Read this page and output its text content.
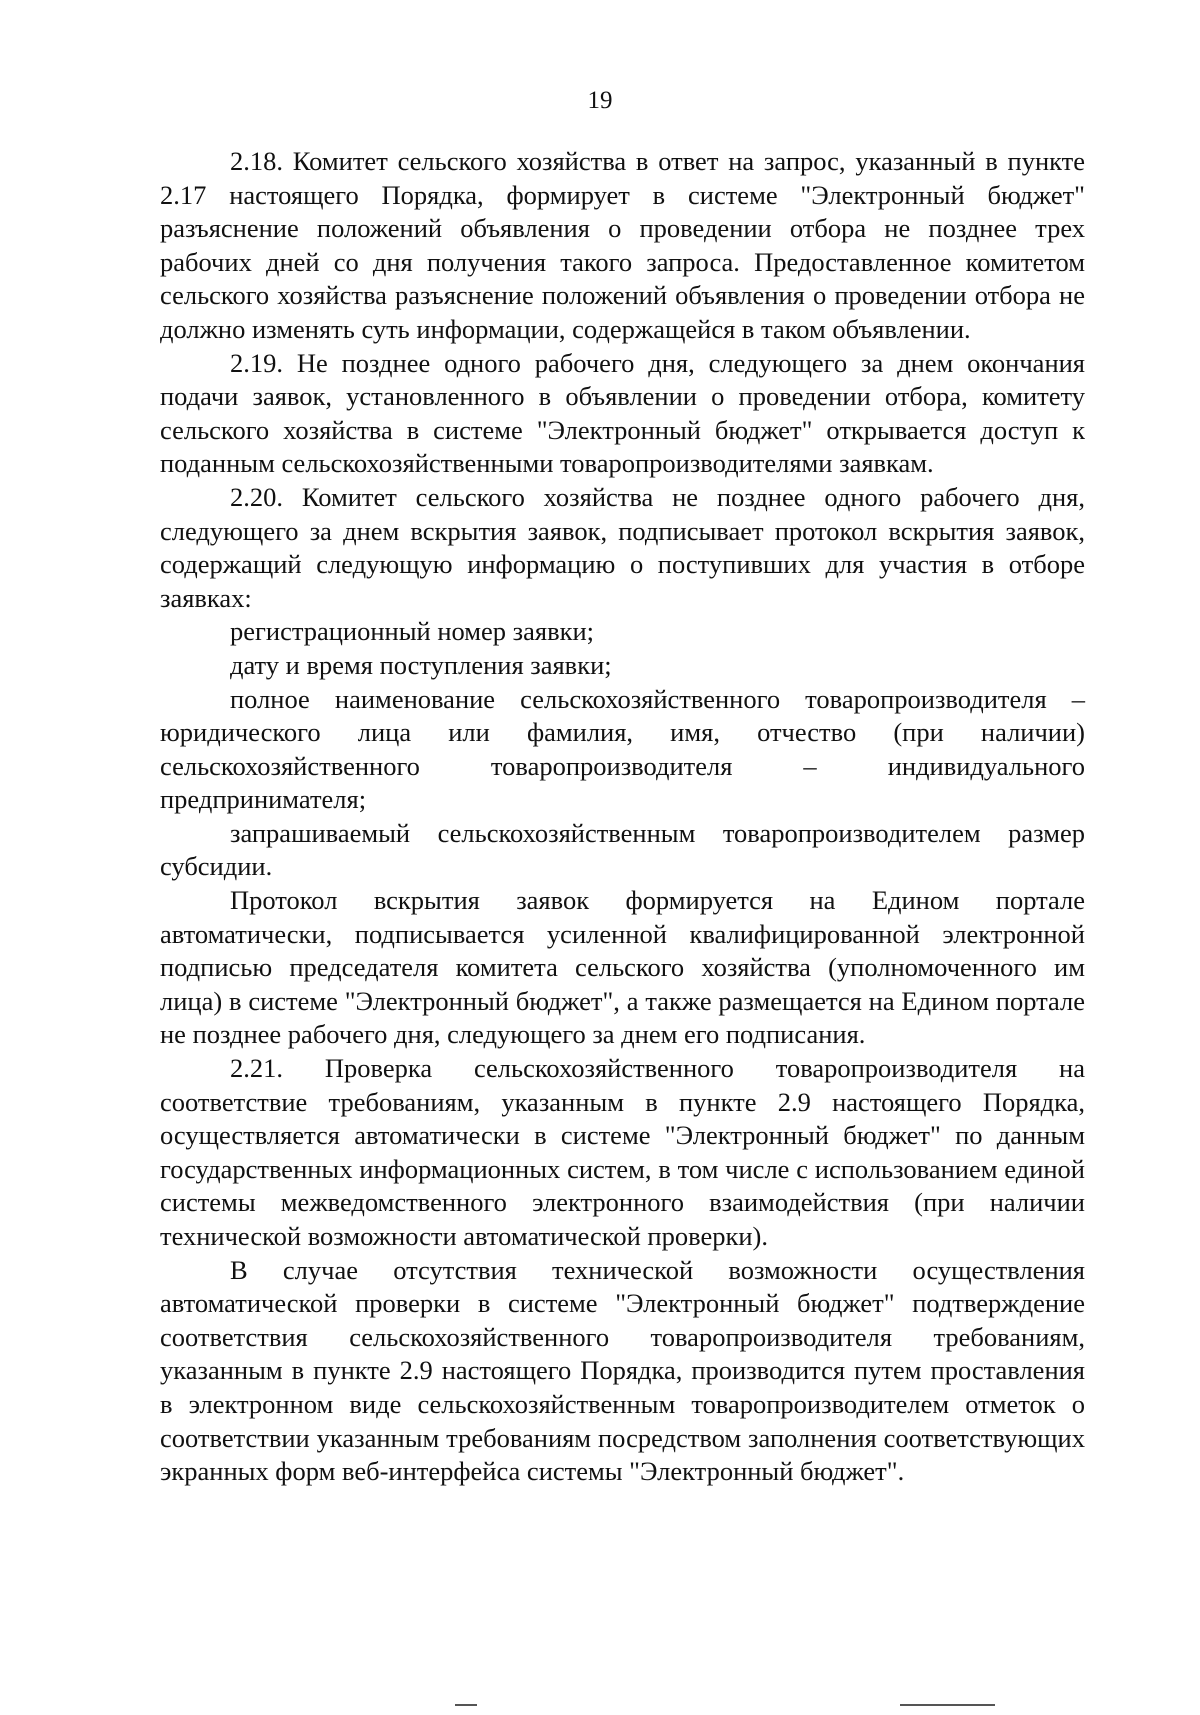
19

2.18. Комитет сельского хозяйства в ответ на запрос, указанный в пункте 2.17 настоящего Порядка, формирует в системе "Электронный бюджет" разъяснение положений объявления о проведении отбора не позднее трех рабочих дней со дня получения такого запроса. Предоставленное комитетом сельского хозяйства разъяснение положений объявления о проведении отбора не должно изменять суть информации, содержащейся в таком объявлении.

2.19. Не позднее одного рабочего дня, следующего за днем окончания подачи заявок, установленного в объявлении о проведении отбора, комитету сельского хозяйства в системе "Электронный бюджет" открывается доступ к поданным сельскохозяйственными товаропроизводителями заявкам.

2.20. Комитет сельского хозяйства не позднее одного рабочего дня, следующего за днем вскрытия заявок, подписывает протокол вскрытия заявок, содержащий следующую информацию о поступивших для участия в отборе заявках:

регистрационный номер заявки;

дату и время поступления заявки;

полное наименование сельскохозяйственного товаропроизводителя – юридического лица или фамилия, имя, отчество (при наличии) сельскохозяйственного товаропроизводителя – индивидуального предпринимателя;

запрашиваемый сельскохозяйственным товаропроизводителем размер субсидии.

Протокол вскрытия заявок формируется на Едином портале автоматически, подписывается усиленной квалифицированной электронной подписью председателя комитета сельского хозяйства (уполномоченного им лица) в системе "Электронный бюджет", а также размещается на Едином портале не позднее рабочего дня, следующего за днем его подписания.

2.21. Проверка сельскохозяйственного товаропроизводителя на соответствие требованиям, указанным в пункте 2.9 настоящего Порядка, осуществляется автоматически в системе "Электронный бюджет" по данным государственных информационных систем, в том числе с использованием единой системы межведомственного электронного взаимодействия (при наличии технической возможности автоматической проверки).

В случае отсутствия технической возможности осуществления автоматической проверки в системе "Электронный бюджет" подтверждение соответствия сельскохозяйственного товаропроизводителя требованиям, указанным в пункте 2.9 настоящего Порядка, производится путем проставления в электронном виде сельскохозяйственным товаропроизводителем отметок о соответствии указанным требованиям посредством заполнения соответствующих экранных форм веб-интерфейса системы "Электронный бюджет".
